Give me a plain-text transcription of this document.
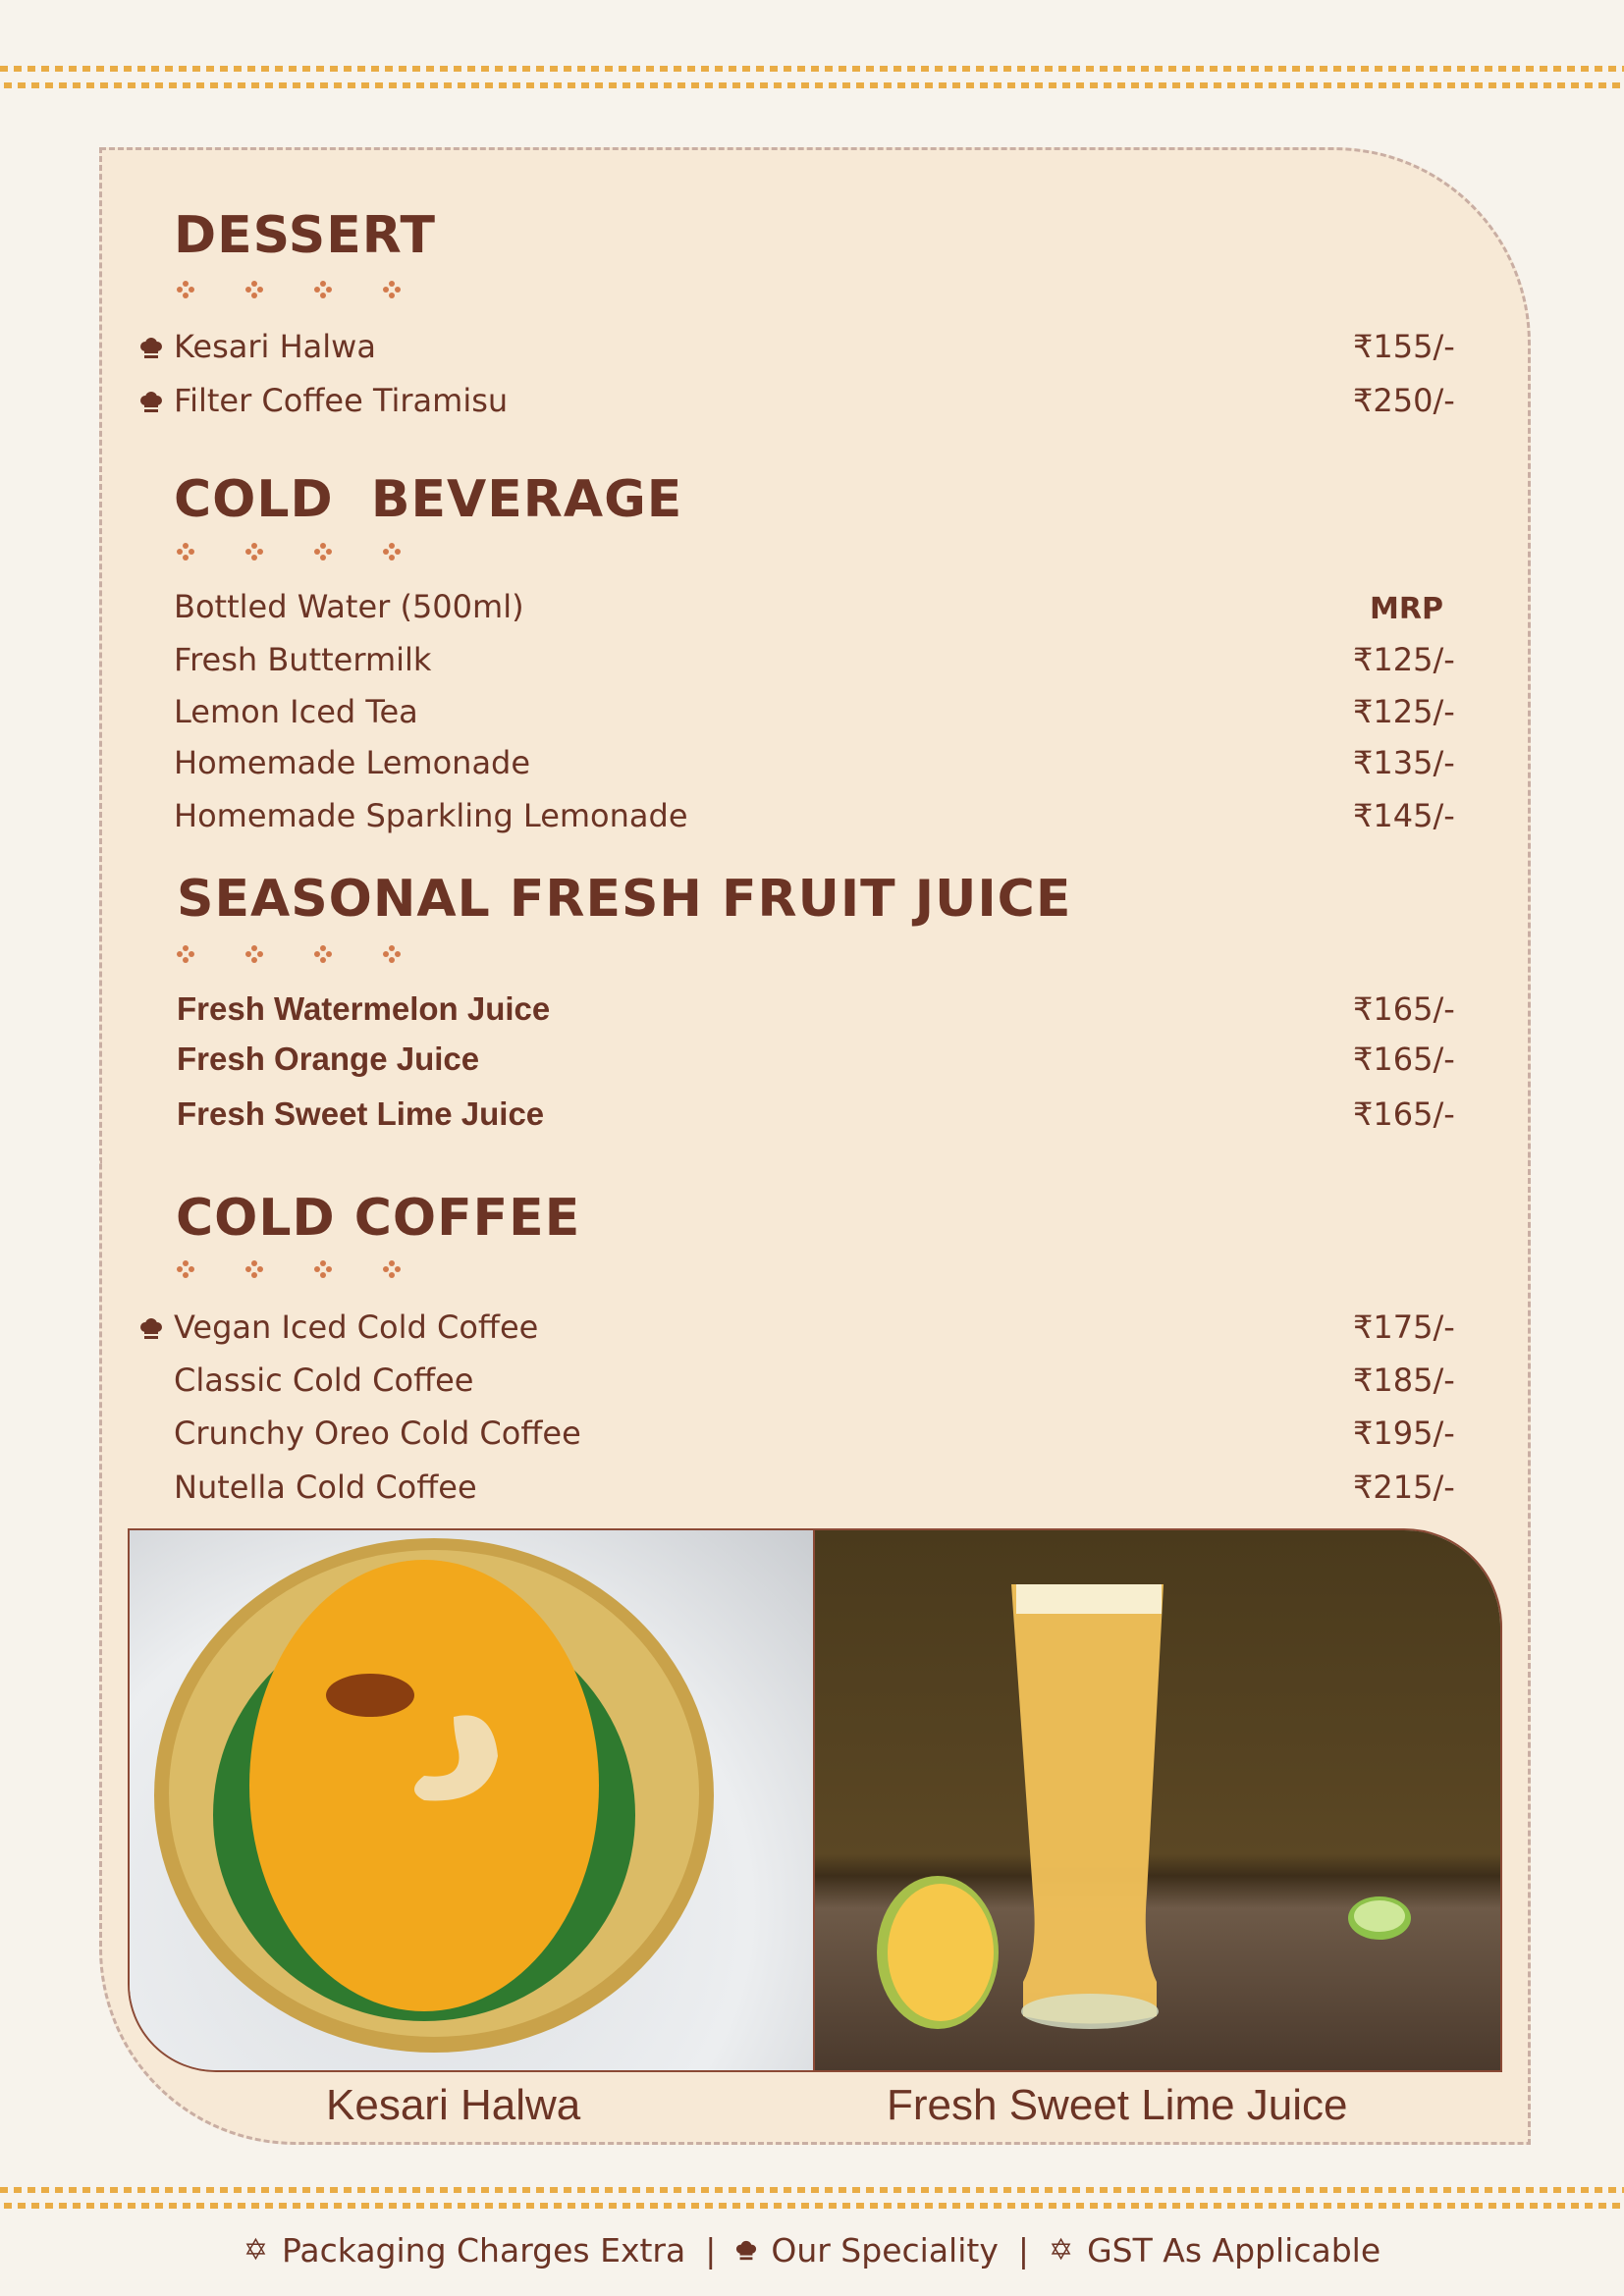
DESSERT
Kesari Halwa	₹155/-
Filter Coffee Tiramisu	₹250/-
COLD  BEVERAGE
Bottled Water (500ml)	MRP
Fresh Buttermilk	₹125/-
Lemon Iced Tea	₹125/-
Homemade Lemonade	₹135/-
Homemade Sparkling Lemonade	₹145/-
SEASONAL FRESH FRUIT JUICE
Fresh Watermelon Juice	₹165/-
Fresh Orange Juice	₹165/-
Fresh Sweet Lime Juice	₹165/-
COLD COFFEE
Vegan Iced Cold Coffee	₹175/-
Classic Cold Coffee	₹185/-
Crunchy Oreo Cold Coffee	₹195/-
Nutella Cold Coffee	₹215/-
Kesari Halwa	Fresh Sweet Lime Juice
✡ Packaging Charges Extra | Our Speciality | ✡ GST As Applicable
